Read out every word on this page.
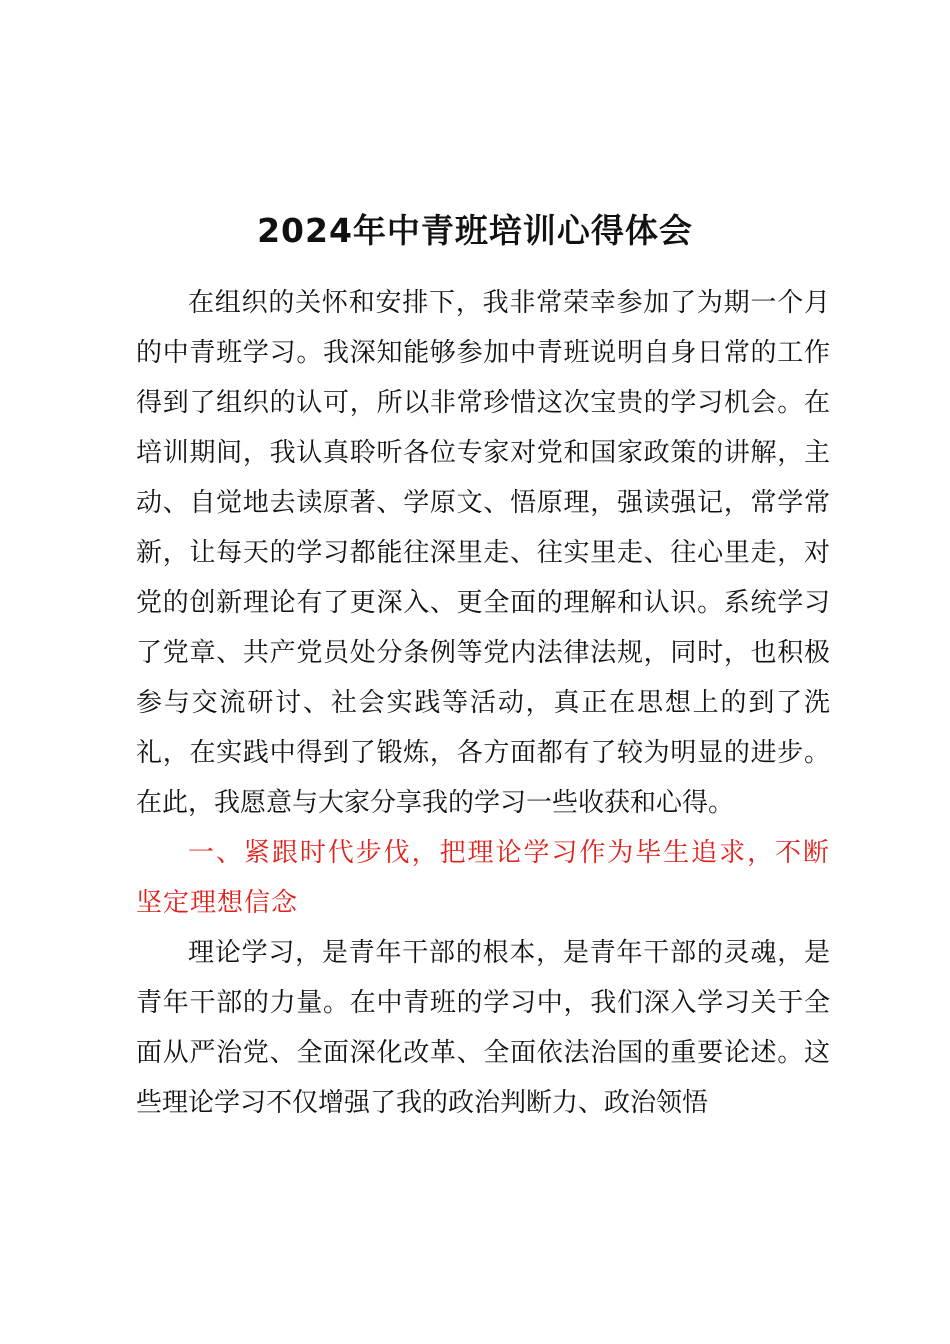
2024年中青班培训心得体会

在组织的关怀和安排下，我非常荣幸参加了为期一个月的中青班学习。我深知能够参加中青班说明自身日常的工作得到了组织的认可，所以非常珍惜这次宝贵的学习机会。在培训期间，我认真聆听各位专家对党和国家政策的讲解，主动、自觉地去读原著、学原文、悟原理，强读强记，常学常新，让每天的学习都能往深里走、往实里走、往心里走，对党的创新理论有了更深入、更全面的理解和认识。系统学习了党章、共产党员处分条例等党内法律法规，同时，也积极参与交流研讨、社会实践等活动，真正在思想上的到了洗礼，在实践中得到了锻炼，各方面都有了较为明显的进步。在此，我愿意与大家分享我的学习一些收获和心得。

一、紧跟时代步伐，把理论学习作为毕生追求，不断坚定理想信念

理论学习，是青年干部的根本，是青年干部的灵魂，是青年干部的力量。在中青班的学习中，我们深入学习关于全面从严治党、全面深化改革、全面依法治国的重要论述。这些理论学习不仅增强了我的政治判断力、政治领悟
